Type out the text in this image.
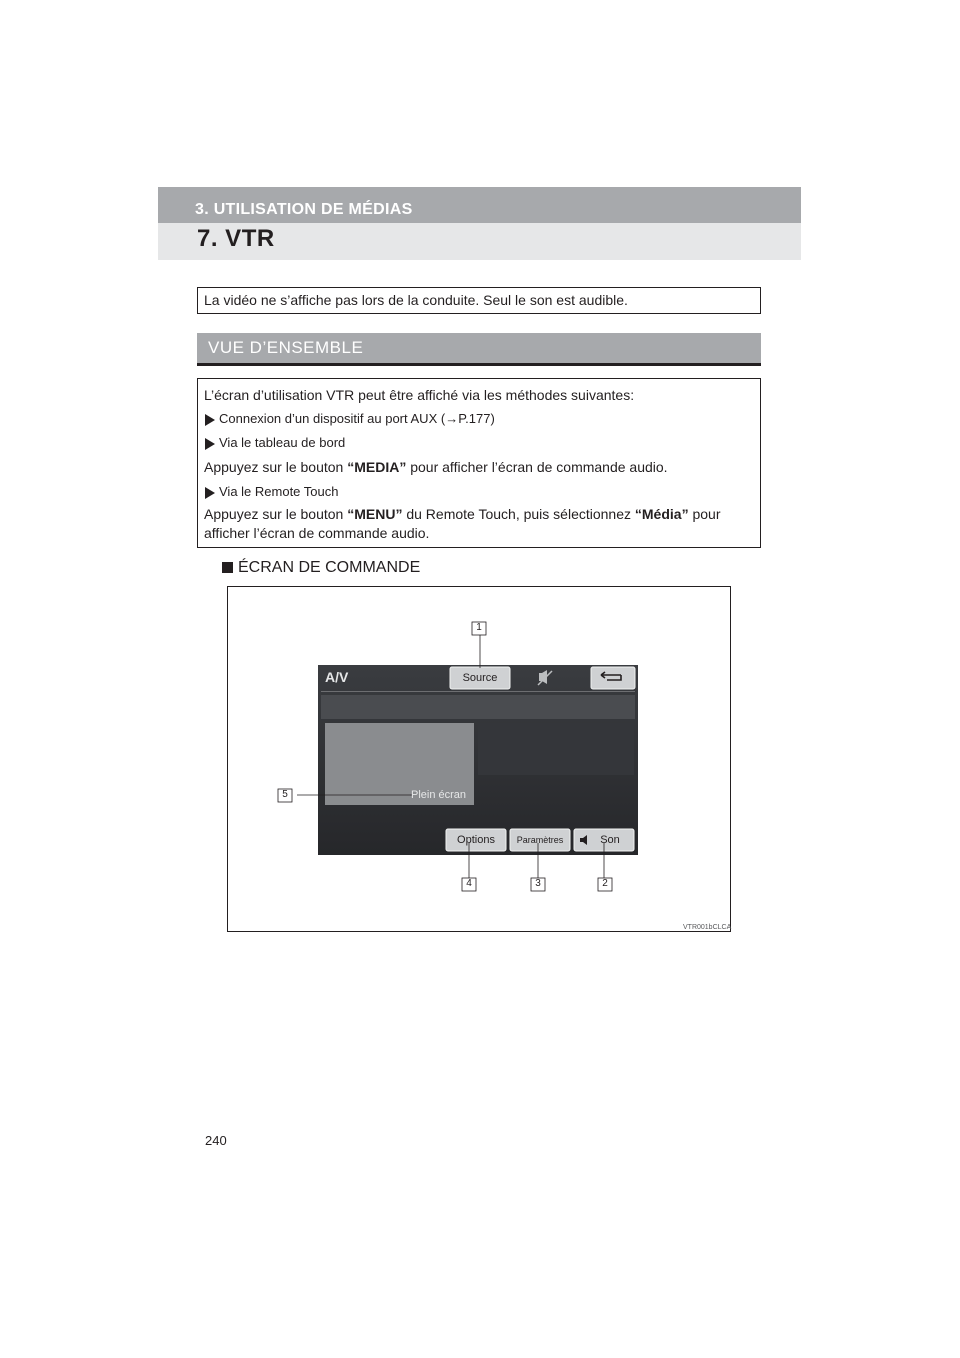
3. UTILISATION DE MÉDIAS
7. VTR
La vidéo ne s’affiche pas lors de la conduite. Seul le son est audible.
VUE D’ENSEMBLE
L’écran d’utilisation VTR peut être affiché via les méthodes suivantes:
Connexion d’un dispositif au port AUX (→P.177)
Via le tableau de bord
Appuyez sur le bouton “MEDIA” pour afficher l’écran de commande audio.
Via le Remote Touch
Appuyez sur le bouton “MENU” du Remote Touch, puis sélectionnez “Média” pour
afficher l’écran de commande audio.
ÉCRAN DE COMMANDE
A/V	Source
Plein écran
Options	Paramètres	Son
1
2
3
4
5
VTR001bCLCA
240
